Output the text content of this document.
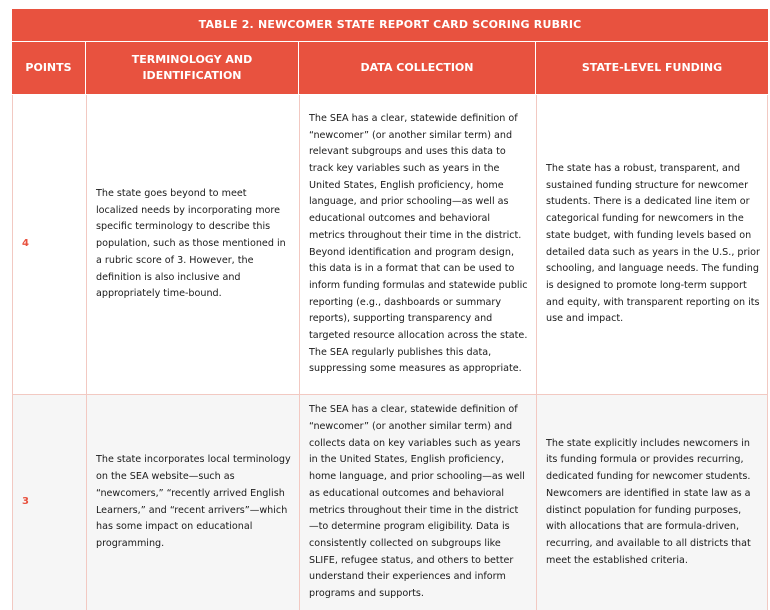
TABLE 2. NEWCOMER STATE REPORT CARD SCORING RUBRIC
POINTS
TERMINOLOGY AND IDENTIFICATION
DATA COLLECTION	STATE-LEVEL FUNDING
4

The state goes beyond to meet localized needs by incorporating more specific terminology to describe this population, such as those mentioned in a rubric score of 3. However, the definition is also inclusive and appropriately time-bound.

The SEA has a clear, statewide definition of “newcomer” (or another similar term) and relevant subgroups and uses this data to track key variables such as years in the United States, English proficiency, home language, and prior schooling—as well as educational outcomes and behavioral metrics throughout their time in the district. Beyond identification and program design, this data is in a format that can be used to inform funding formulas and statewide public reporting (e.g., dashboards or summary reports), supporting transparency and targeted resource allocation across the state. The SEA regularly publishes this data, suppressing some measures as appropriate.

The state has a robust, transparent, and sustained funding structure for newcomer students. There is a dedicated line item or categorical funding for newcomers in the state budget, with funding levels based on detailed data such as years in the U.S., prior schooling, and language needs. The funding is designed to promote long-term support and equity, with transparent reporting on its use and impact.

3

The state incorporates local terminology on the SEA website—such as “newcomers,” “recently arrived English Learners,” and “recent arrivers”—which has some impact on educational programming.

The SEA has a clear, statewide definition of “newcomer” (or another similar term) and collects data on key variables such as years in the United States, English proficiency, home language, and prior schooling—as well as educational outcomes and behavioral metrics throughout their time in the district —to determine program eligibility. Data is consistently collected on subgroups like SLIFE, refugee status, and others to better understand their experiences and inform programs and supports.

The state explicitly includes newcomers in its funding formula or provides recurring, dedicated funding for newcomer students. Newcomers are identified in state law as a distinct population for funding purposes, with allocations that are formula-driven, recurring, and available to all districts that meet the established criteria.
